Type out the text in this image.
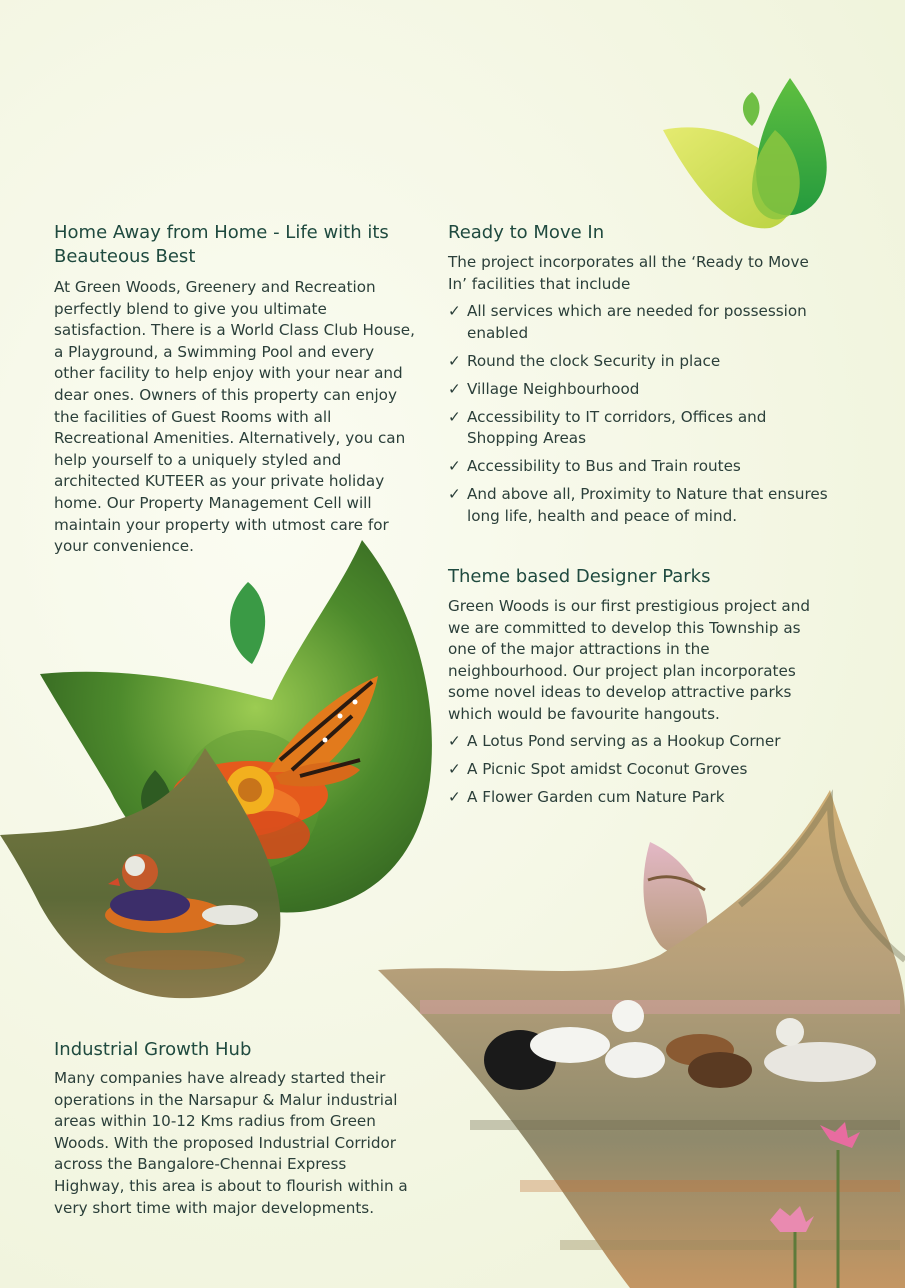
Home Away from Home - Life with its Beauteous Best

At Green Woods, Greenery and Recreation perfectly blend to give you ultimate satisfaction. There is a World Class Club House, a Playground, a Swimming Pool and every other facility to help enjoy with your near and dear ones. Owners of this property can enjoy the facilities of Guest Rooms with all Recreational Amenities. Alternatively, you can help yourself to a uniquely styled and architected KUTEER as your private holiday home. Our Property Management Cell will maintain your property with utmost care for your convenience.

Ready to Move In

The project incorporates all the ‘Ready to Move In’ facilities that include

✓ All services which are needed for possession enabled
✓ Round the clock Security in place
✓ Village Neighbourhood
✓ Accessibility to IT corridors, Offices and Shopping Areas
✓ Accessibility to Bus and Train routes
✓ And above all, Proximity to Nature that ensures long life, health and peace of mind.
Theme based Designer Parks

Green Woods is our first prestigious project and we are committed to develop this Township as one of the major attractions in the neighbourhood. Our project plan incorporates some novel ideas to develop attractive parks which would be favourite hangouts.

✓ A Lotus Pond serving as a Hookup Corner
✓ A Picnic Spot amidst Coconut Groves
✓ A Flower Garden cum Nature Park
Industrial Growth Hub

Many companies have already started their operations in the Narsapur & Malur industrial areas within 10-12 Kms radius from Green Woods. With the proposed Industrial Corridor across the Bangalore-Chennai Express Highway, this area is about to flourish within a very short time with major developments.
